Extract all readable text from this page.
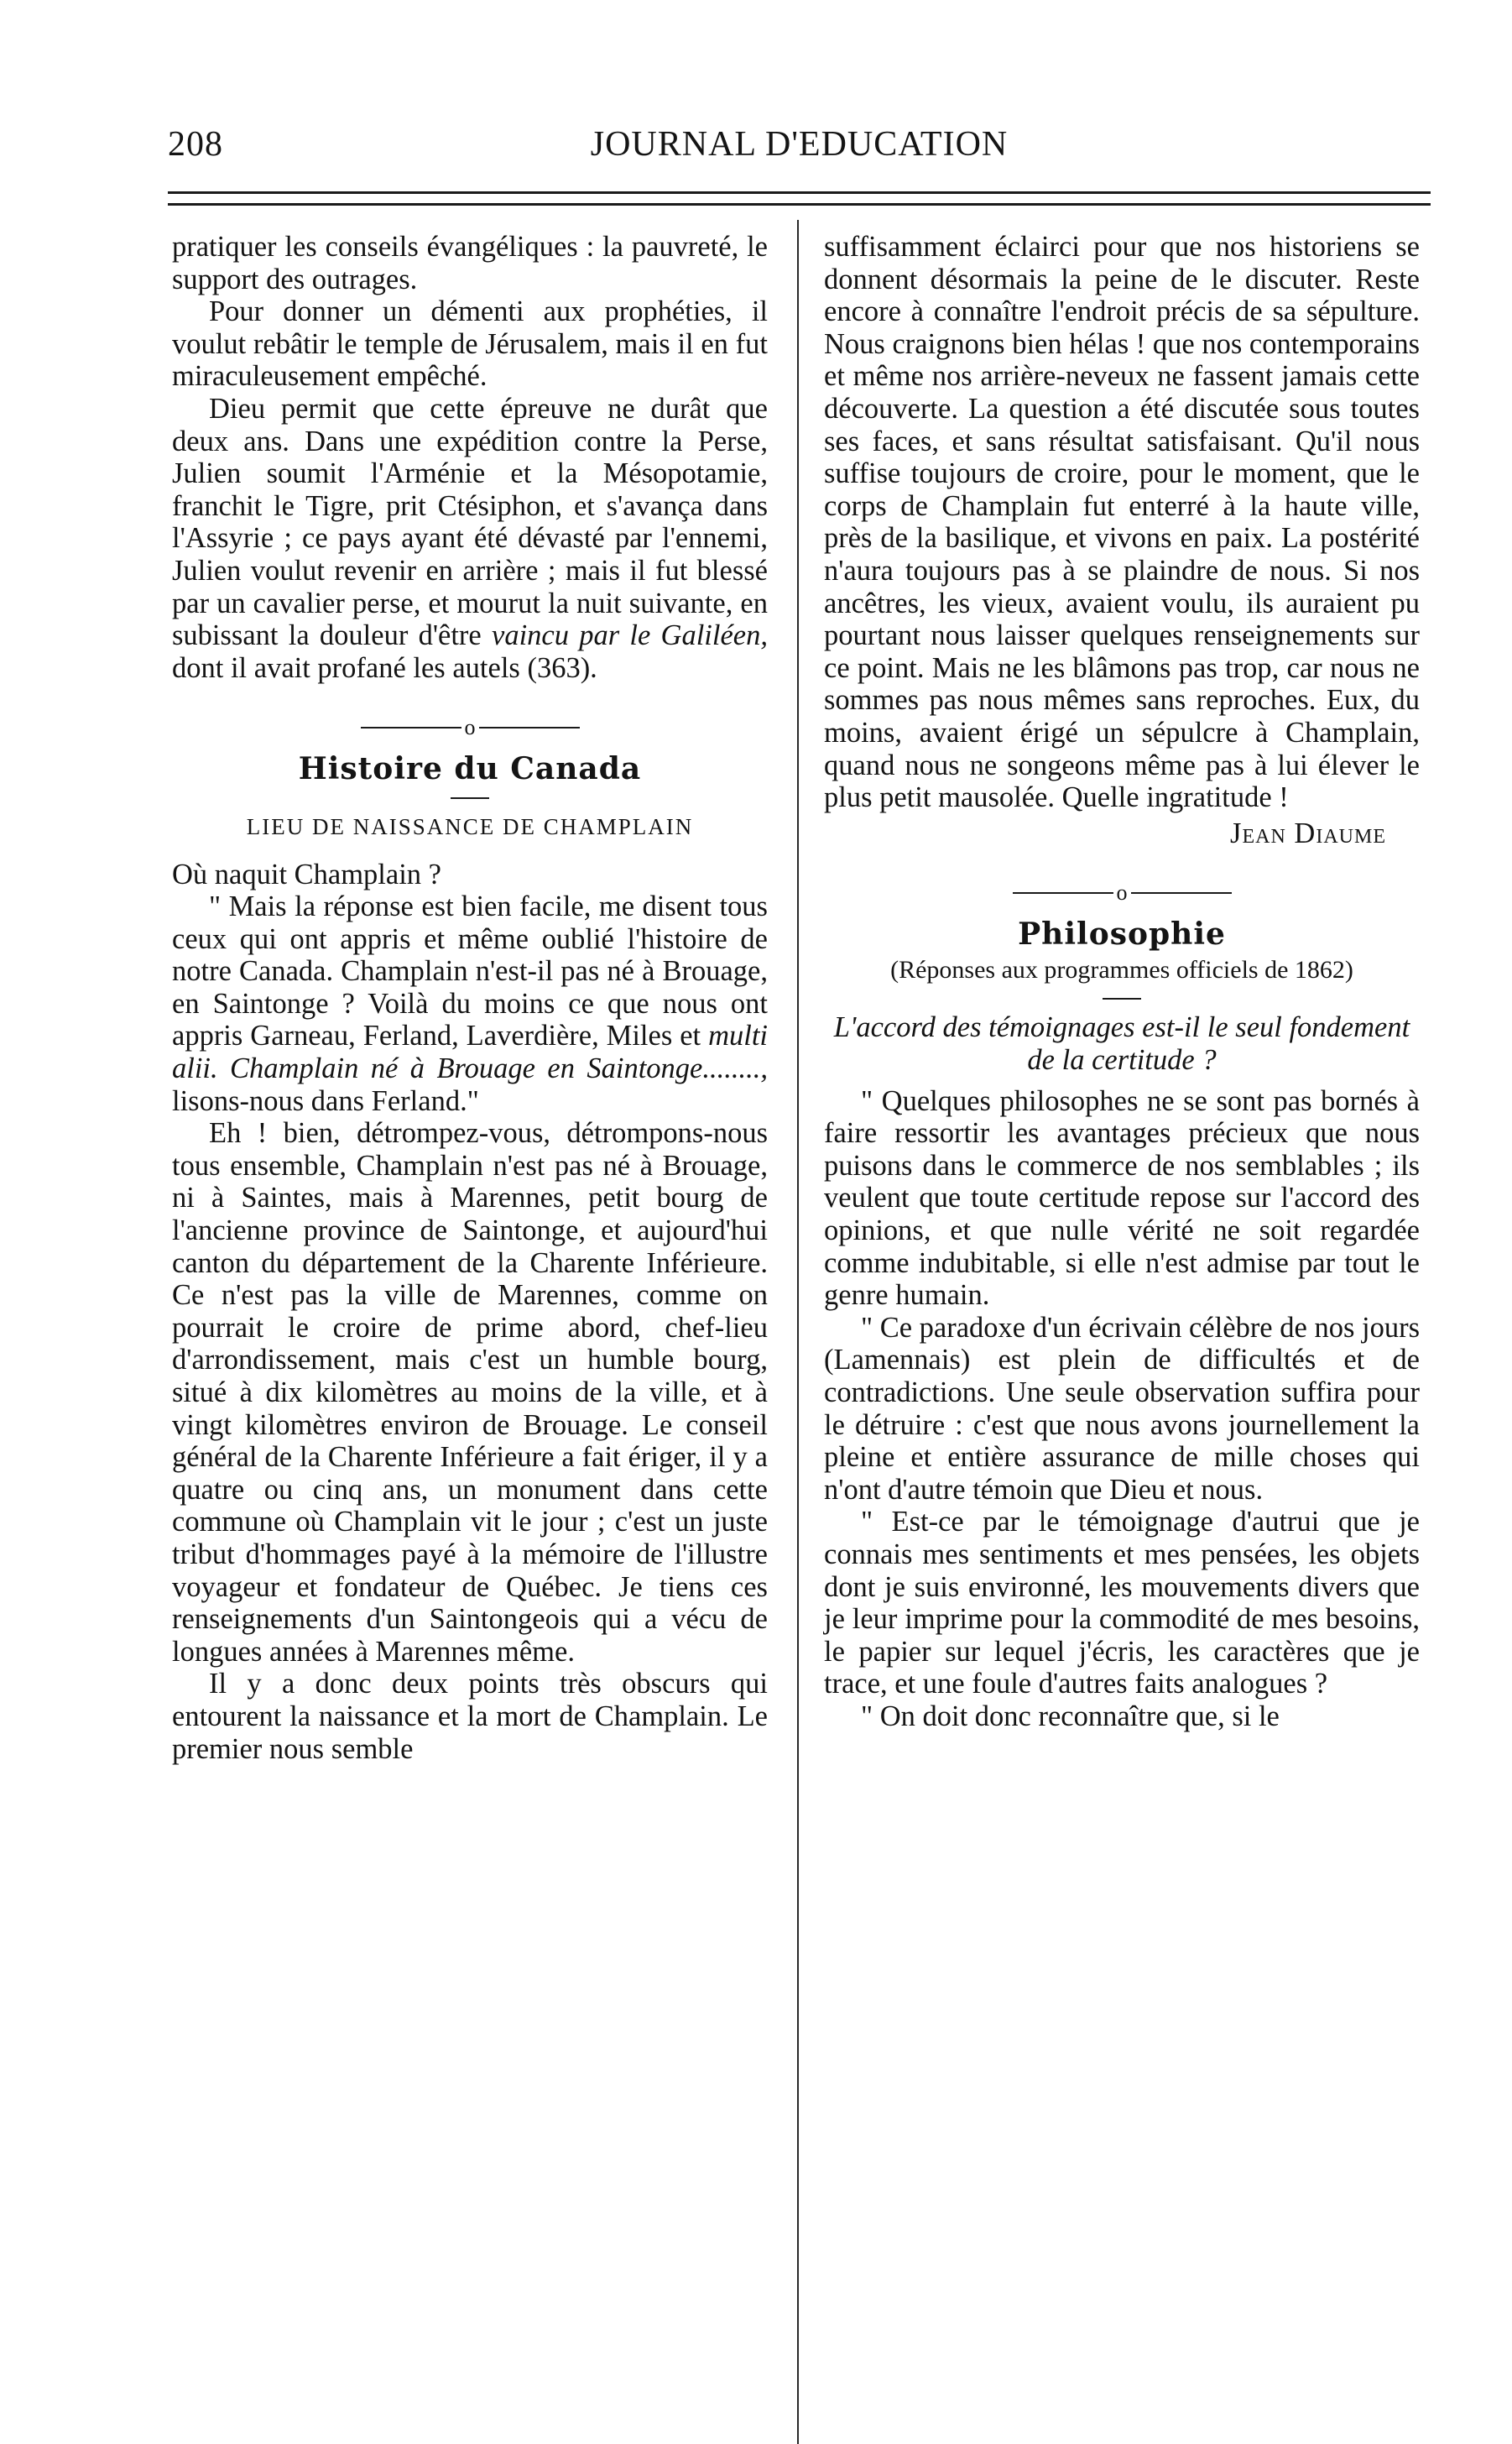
208	JOURNAL D'EDUCATION

pratiquer les conseils évangéliques : la pauvreté, le support des outrages.

Pour donner un démenti aux prophéties, il voulut rebâtir le temple de Jérusalem, mais il en fut miraculeusement empêché.

Dieu permit que cette épreuve ne durât que deux ans. Dans une expédition contre la Perse, Julien soumit l'Arménie et la Mésopotamie, franchit le Tigre, prit Ctésiphon, et s'avança dans l'Assyrie ; ce pays ayant été dévasté par l'ennemi, Julien voulut revenir en arrière ; mais il fut blessé par un cavalier perse, et mourut la nuit suivante, en subissant la douleur d'être vaincu par le Galiléen, dont il avait profané les autels (363).

o
Histoire du Canada
LIEU DE NAISSANCE DE CHAMPLAIN

Où naquit Champlain ?

" Mais la réponse est bien facile, me disent tous ceux qui ont appris et même oublié l'histoire de notre Canada. Champlain n'est-il pas né à Brouage, en Saintonge ? Voilà du moins ce que nous ont appris Garneau, Ferland, Laverdière, Miles et multi alii. Champlain né à Brouage en Saintonge........, lisons-nous dans Ferland."

Eh ! bien, détrompez-vous, détrompons-nous tous ensemble, Champlain n'est pas né à Brouage, ni à Saintes, mais à Marennes, petit bourg de l'ancienne province de Saintonge, et aujourd'hui canton du département de la Charente Inférieure. Ce n'est pas la ville de Marennes, comme on pourrait le croire de prime abord, chef-lieu d'arrondissement, mais c'est un humble bourg, situé à dix kilomètres au moins de la ville, et à vingt kilomètres environ de Brouage. Le conseil général de la Charente Inférieure a fait ériger, il y a quatre ou cinq ans, un monument dans cette commune où Champlain vit le jour ; c'est un juste tribut d'hommages payé à la mémoire de l'illustre voyageur et fondateur de Québec. Je tiens ces renseignements d'un Saintongeois qui a vécu de longues années à Marennes même.

Il y a donc deux points très obscurs qui entourent la naissance et la mort de Champlain. Le premier nous semble

suffisamment éclairci pour que nos historiens se donnent désormais la peine de le discuter. Reste encore à connaître l'endroit précis de sa sépulture. Nous craignons bien hélas ! que nos contemporains et même nos arrière-neveux ne fassent jamais cette découverte. La question a été discutée sous toutes ses faces, et sans résultat satisfaisant. Qu'il nous suffise toujours de croire, pour le moment, que le corps de Champlain fut enterré à la haute ville, près de la basilique, et vivons en paix. La postérité n'aura toujours pas à se plaindre de nous. Si nos ancêtres, les vieux, avaient voulu, ils auraient pu pourtant nous laisser quelques renseignements sur ce point. Mais ne les blâmons pas trop, car nous ne sommes pas nous mêmes sans reproches. Eux, du moins, avaient érigé un sépulcre à Champlain, quand nous ne songeons même pas à lui élever le plus petit mausolée. Quelle ingratitude !

Jean Diaume
o
Philosophie
(Réponses aux programmes officiels de 1862)
L'accord des témoignages est-il le seul fondement de la certitude ?

" Quelques philosophes ne se sont pas bornés à faire ressortir les avantages précieux que nous puisons dans le commerce de nos semblables ; ils veulent que toute certitude repose sur l'accord des opinions, et que nulle vérité ne soit regardée comme indubitable, si elle n'est admise par tout le genre humain.

" Ce paradoxe d'un écrivain célèbre de nos jours (Lamennais) est plein de difficultés et de contradictions. Une seule observation suffira pour le détruire : c'est que nous avons journellement la pleine et entière assurance de mille choses qui n'ont d'autre témoin que Dieu et nous.

" Est-ce par le témoignage d'autrui que je connais mes sentiments et mes pensées, les objets dont je suis environné, les mouvements divers que je leur imprime pour la commodité de mes besoins, le papier sur lequel j'écris, les caractères que je trace, et une foule d'autres faits analogues ?

" On doit donc reconnaître que, si le
